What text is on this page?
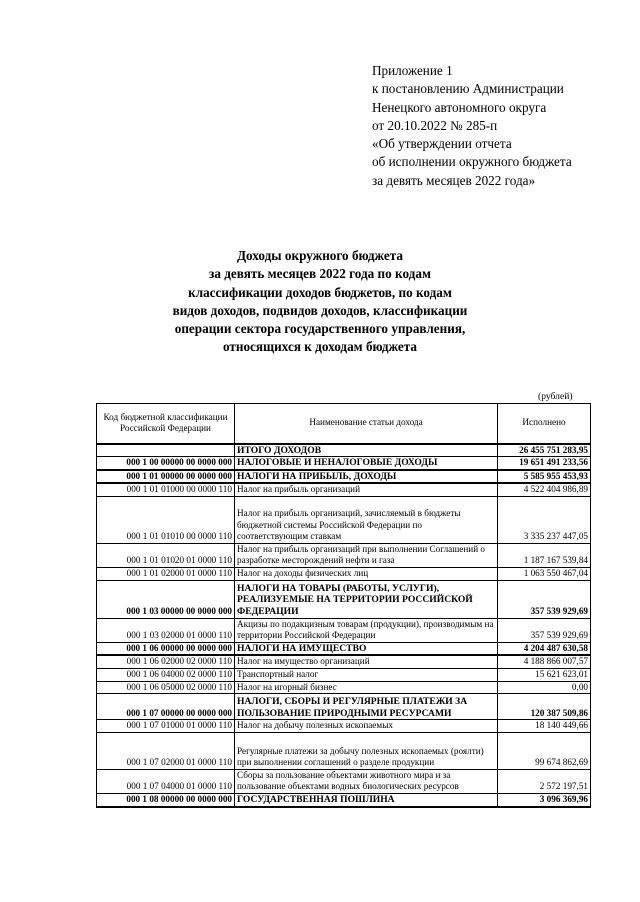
Приложение 1
к постановлению Администрации
Ненецкого автономного округа
от 20.10.2022 № 285-п
«Об утверждении отчета
об исполнении окружного бюджета
за девять месяцев 2022 года»
Доходы окружного бюджета
за девять месяцев 2022 года по кодам
классификации доходов бюджетов, по кодам
видов доходов, подвидов доходов, классификации
операции сектора государственного управления,
относящихся к доходам бюджета
(рублей)
Код бюджетной классификации Российской Федерации	Наименование статьи дохода	Исполнено
	ИТОГО ДОХОДОВ	26 455 751 283,95
000 1 00 00000 00 0000 000	НАЛОГОВЫЕ И НЕНАЛОГОВЫЕ ДОХОДЫ	19 651 491 233,56
000 1 01 00000 00 0000 000	НАЛОГИ НА ПРИБЫЛЬ, ДОХОДЫ	5 585 955 453,93
000 1 01 01000 00 0000 110	Налог на прибыль организаций	4 522 404 986,89
000 1 01 01010 00 0000 110	Налог на прибыль организаций, зачисляемый в бюджеты бюджетной системы Российской Федерации по соответствующим ставкам	3 335 237 447,05
000 1 01 01020 01 0000 110	Налог на прибыль организаций при выполнении Соглашений о разработке месторождений нефти и газа	1 187 167 539,84
000 1 01 02000 01 0000 110	Налог на доходы физических лиц	1 063 550 467,04
000 1 03 00000 00 0000 000	НАЛОГИ НА ТОВАРЫ (РАБОТЫ, УСЛУГИ), РЕАЛИЗУЕМЫЕ НА ТЕРРИТОРИИ РОССИЙСКОЙ ФЕДЕРАЦИИ	357 539 929,69
000 1 03 02000 01 0000 110	Акцизы по подакцизным товарам (продукции), производимым на территории Российской Федерации	357 539 929,69
000 1 06 00000 00 0000 000	НАЛОГИ НА ИМУЩЕСТВО	4 204 487 630,58
000 1 06 02000 02 0000 110	Налог на имущество организаций	4 188 866 007,57
000 1 06 04000 02 0000 110	Транспортный налог	15 621 623,01
000 1 06 05000 02 0000 110	Налог на игорный бизнес	0,00
000 1 07 00000 00 0000 000	НАЛОГИ, СБОРЫ И РЕГУЛЯРНЫЕ ПЛАТЕЖИ ЗА ПОЛЬЗОВАНИЕ ПРИРОДНЫМИ РЕСУРСАМИ	120 387 509,86
000 1 07 01000 01 0000 110	Налог на добычу полезных ископаемых	18 140 449,66
000 1 07 02000 01 0000 110	Регулярные платежи за добычу полезных ископаемых (роялти) при выполнении соглашений о разделе продукции	99 674 862,69
000 1 07 04000 01 0000 110	Сборы за пользование объектами животного мира и за пользование объектами водных биологических ресурсов	2 572 197,51
000 1 08 00000 00 0000 000	ГОСУДАРСТВЕННАЯ ПОШЛИНА	3 096 369,96
